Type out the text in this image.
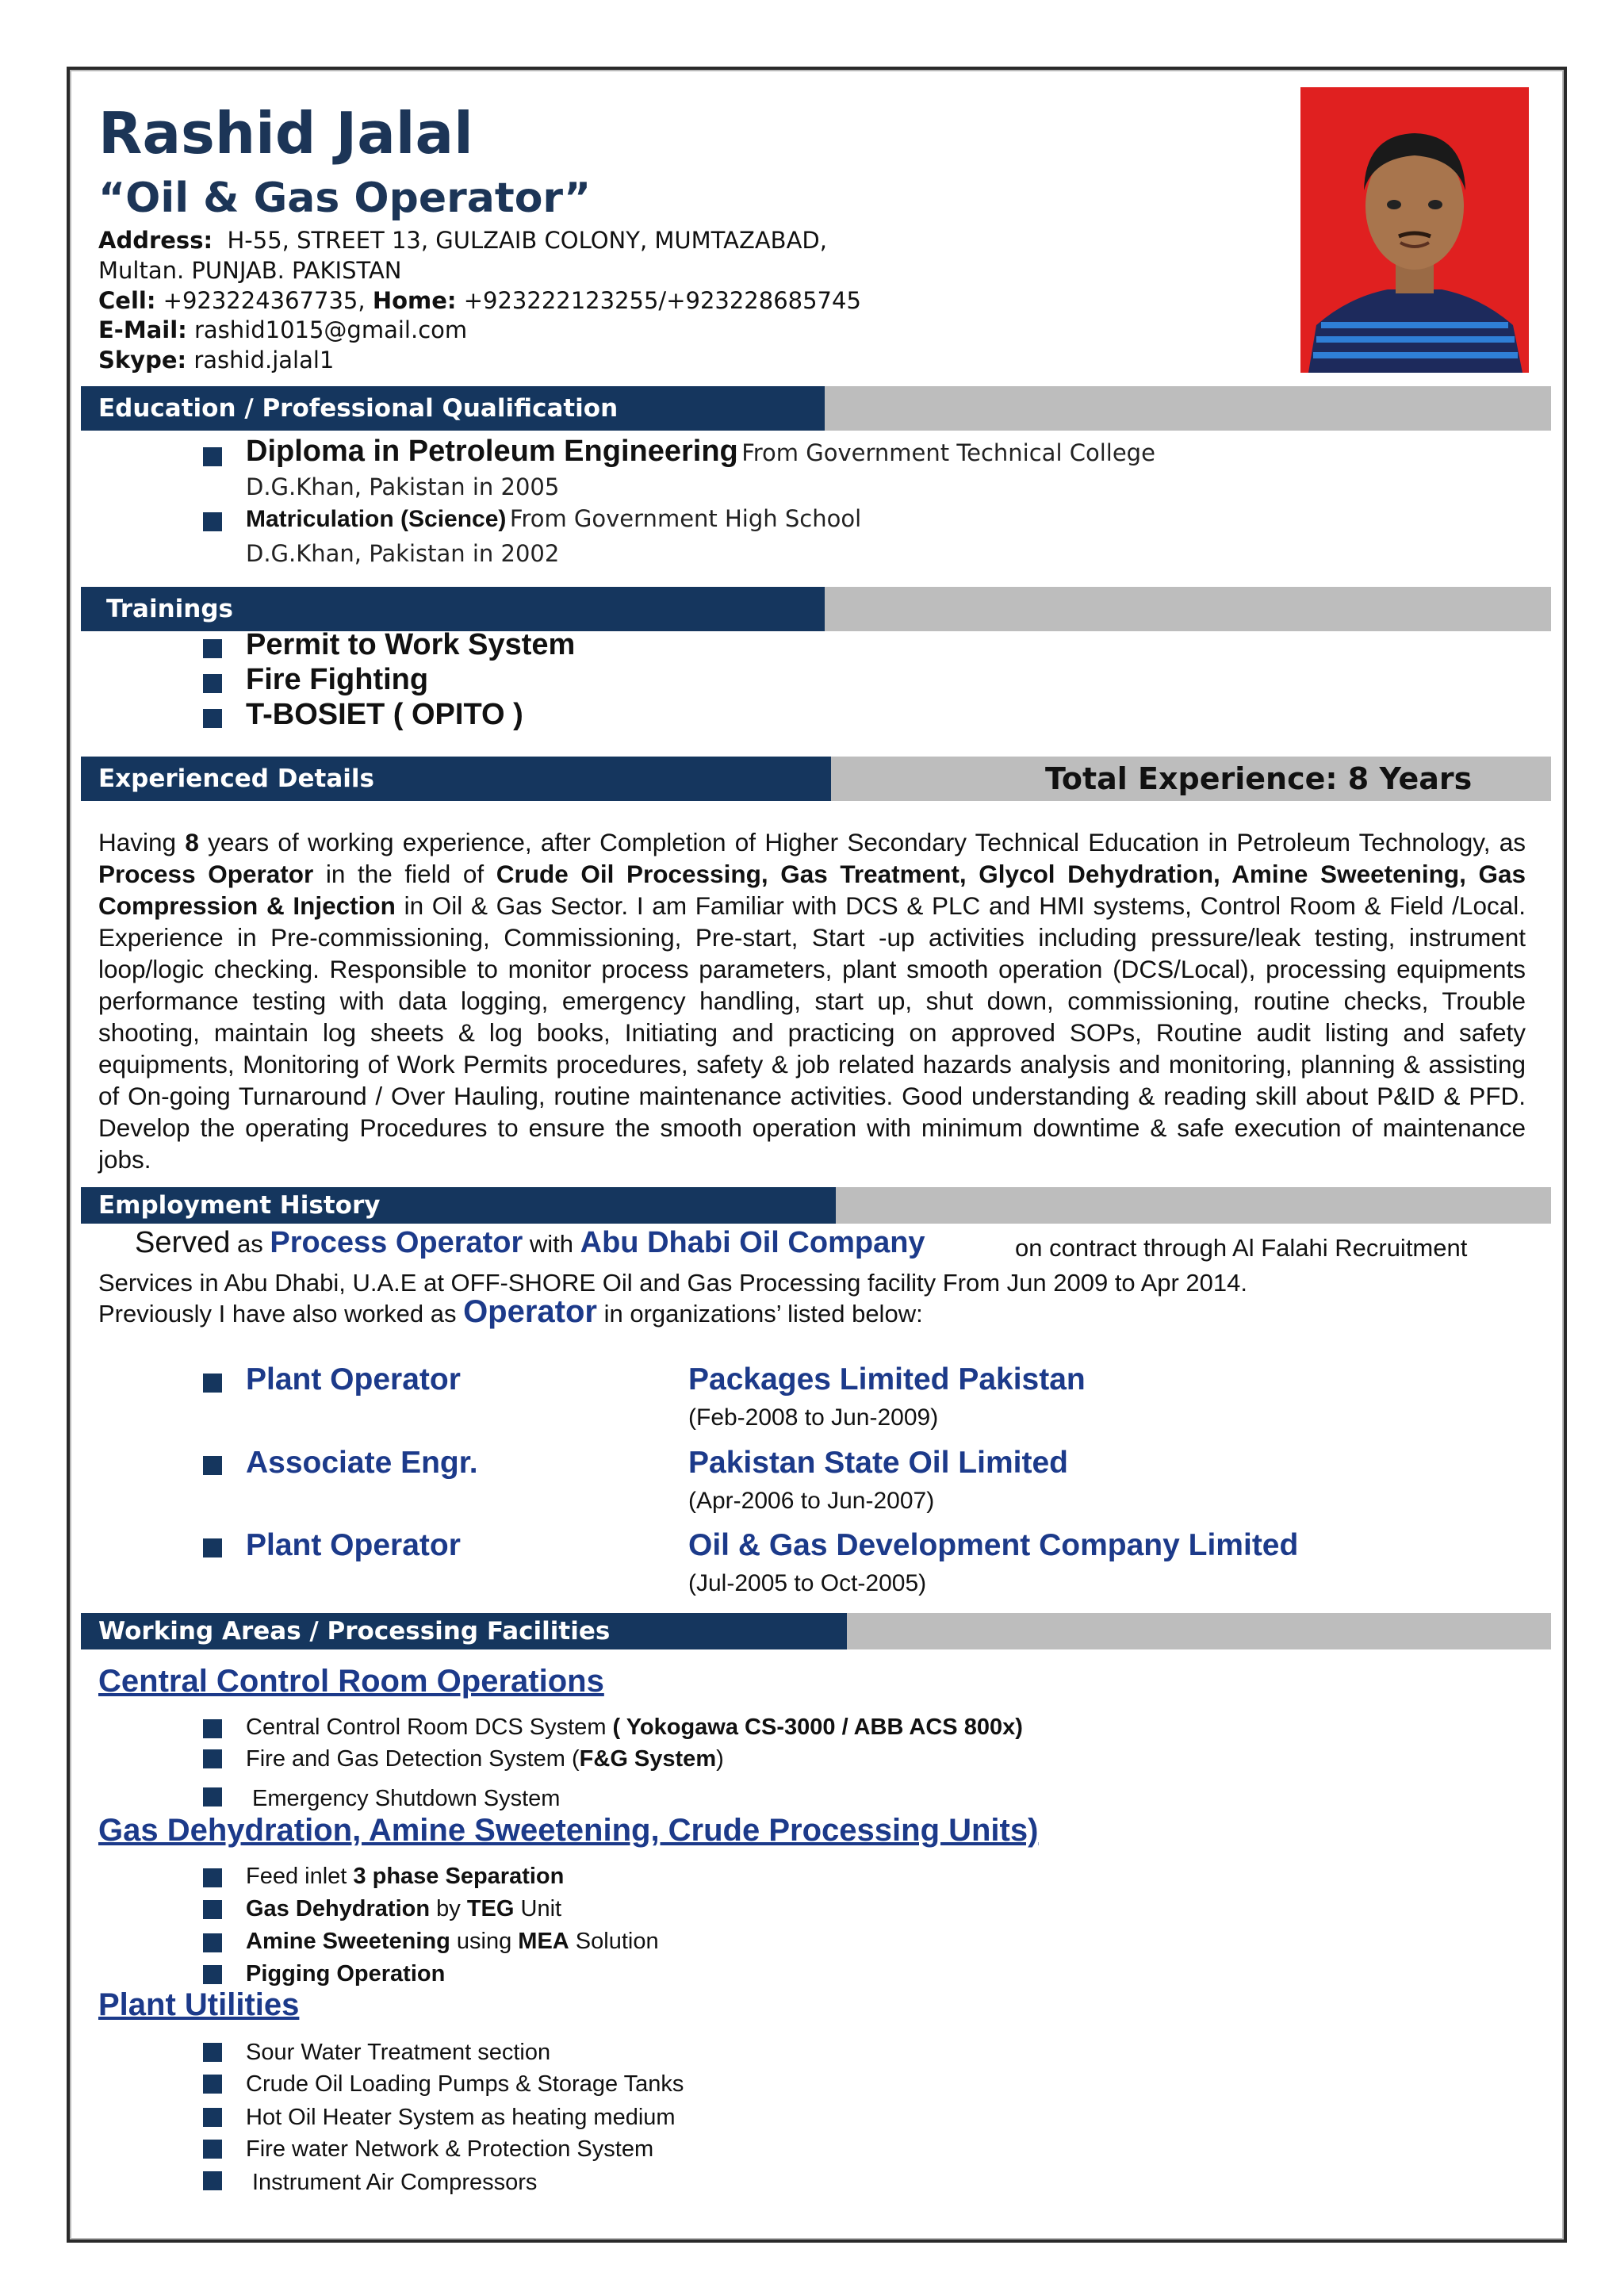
Rashid Jalal
“Oil & Gas Operator”
Address: H-55, STREET 13, GULZAIB COLONY, MUMTAZABAD,
Multan. PUNJAB. PAKISTAN
Cell: +923224367735, Home: +923222123255/+923228685745
E-Mail: rashid1015@gmail.com
Skype: rashid.jalal1
Education / Professional Qualification
Diploma in Petroleum Engineering From Government Technical College
D.G.Khan, Pakistan in 2005
Matriculation (Science) From Government High School
D.G.Khan, Pakistan in 2002
Trainings
Permit to Work System
Fire Fighting
T-BOSIET ( OPITO )
Experienced Details	Total Experience: 8 Years
Having 8 years of working experience, after Completion of Higher Secondary Technical Education in Petroleum Technology, as Process Operator in the field of Crude Oil Processing, Gas Treatment, Glycol Dehydration, Amine Sweetening, Gas Compression & Injection in Oil & Gas Sector. I am Familiar with DCS & PLC and HMI systems, Control Room & Field /Local. Experience in Pre-commissioning, Commissioning, Pre-start, Start -up activities including pressure/leak testing, instrument loop/logic checking. Responsible to monitor process parameters, plant smooth operation (DCS/Local), processing equipments performance testing with data logging, emergency handling, start up, shut down, commissioning, routine checks, Trouble shooting, maintain log sheets & log books, Initiating and practicing on approved SOPs, Routine audit listing and safety equipments, Monitoring of Work Permits procedures, safety & job related hazards analysis and monitoring, planning & assisting of On-going Turnaround / Over Hauling, routine maintenance activities. Good understanding & reading skill about P&ID & PFD. Develop the operating Procedures to ensure the smooth operation with minimum downtime & safe execution of maintenance jobs.
Employment History
Served as Process Operator with Abu Dhabi Oil Company	on contract through Al Falahi Recruitment Services in Abu Dhabi, U.A.E at OFF-SHORE Oil and Gas Processing facility From Jun 2009 to Apr 2014.
Previously I have also worked as Operator in organizations’ listed below:
Plant Operator	Packages Limited Pakistan
(Feb-2008 to Jun-2009)
Associate Engr.	Pakistan State Oil Limited
(Apr-2006 to Jun-2007)
Plant Operator	Oil & Gas Development Company Limited
(Jul-2005 to Oct-2005)
Working Areas / Processing Facilities
Central Control Room Operations
Central Control Room DCS System ( Yokogawa CS-3000 / ABB ACS 800x)
Fire and Gas Detection System (F&G System)
Emergency Shutdown System
Gas Dehydration, Amine Sweetening, Crude Processing Units)
Feed inlet 3 phase Separation
Gas Dehydration by TEG Unit
Amine Sweetening using MEA Solution
Pigging Operation
Plant Utilities
Sour Water Treatment section
Crude Oil Loading Pumps & Storage Tanks
Hot Oil Heater System as heating medium
Fire water Network & Protection System
Instrument Air Compressors
